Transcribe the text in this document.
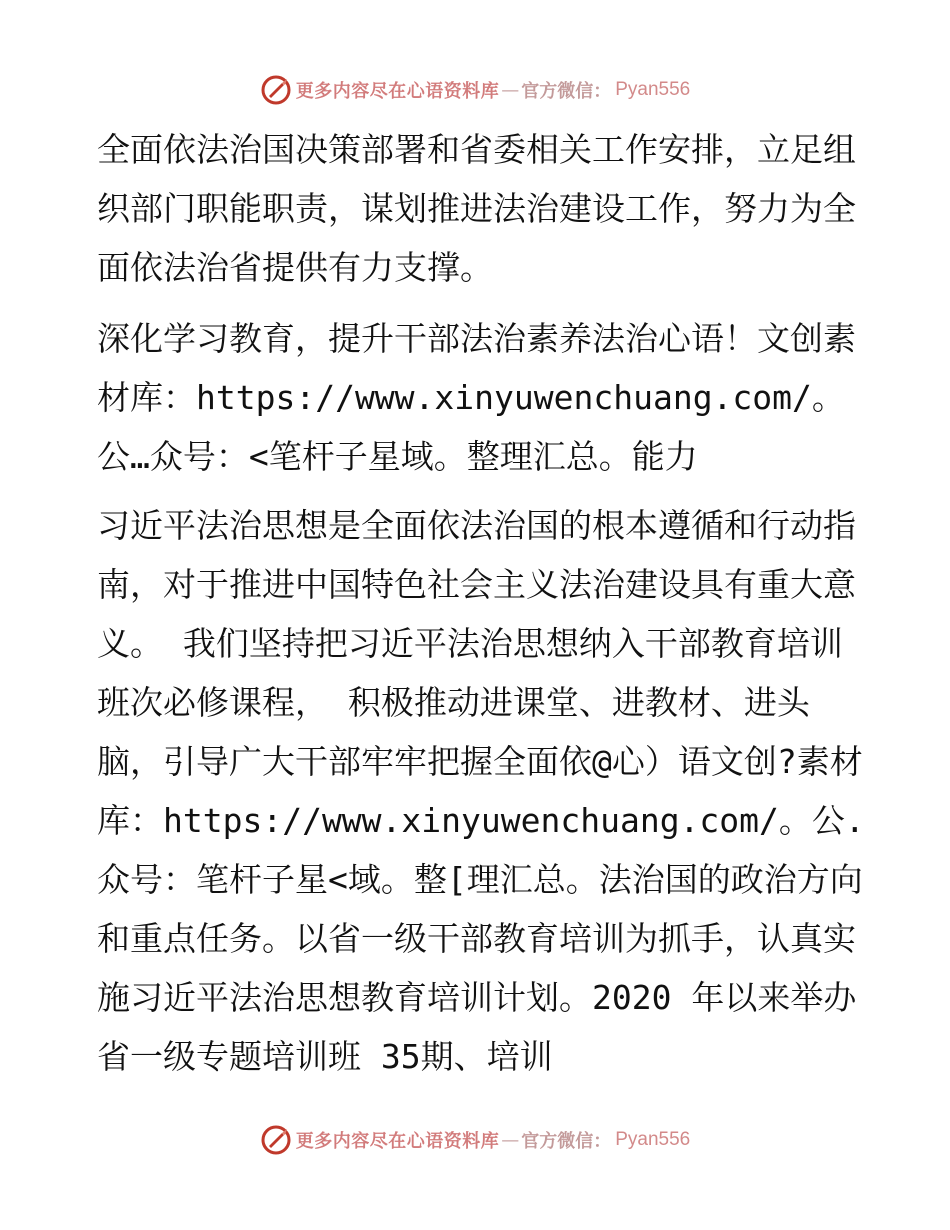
更多内容尽在心语资料库 — 官方微信： Pyan556

全面依法治国决策部署和省委相关工作安排，立足组织部门职能职责，谋划推进法治建设工作，努力为全面依法治省提供有力支撑。

深化学习教育，提升干部法治素养法治心语！文创素材库：https://www.xinyuwenchuang.com/。公…众号：<笔杆子星域。整理汇总。能力

习近平法治思想是全面依法治国的根本遵循和行动指南，对于推进中国特色社会主义法治建设具有重大意义。 我们坚持把习近平法治思想纳入干部教育培训班次必修课程， 积极推动进课堂、进教材、进头脑，引导广大干部牢牢把握全面依@心）语文创?素材库：https://www.xinyuwenchuang.com/。公.众号：笔杆子星<域。整[理汇总。法治国的政治方向和重点任务。以省一级干部教育培训为抓手，认真实施习近平法治思想教育培训计划。2020 年以来举办省一级专题培训班 35期、培训

更多内容尽在心语资料库 — 官方微信： Pyan556
